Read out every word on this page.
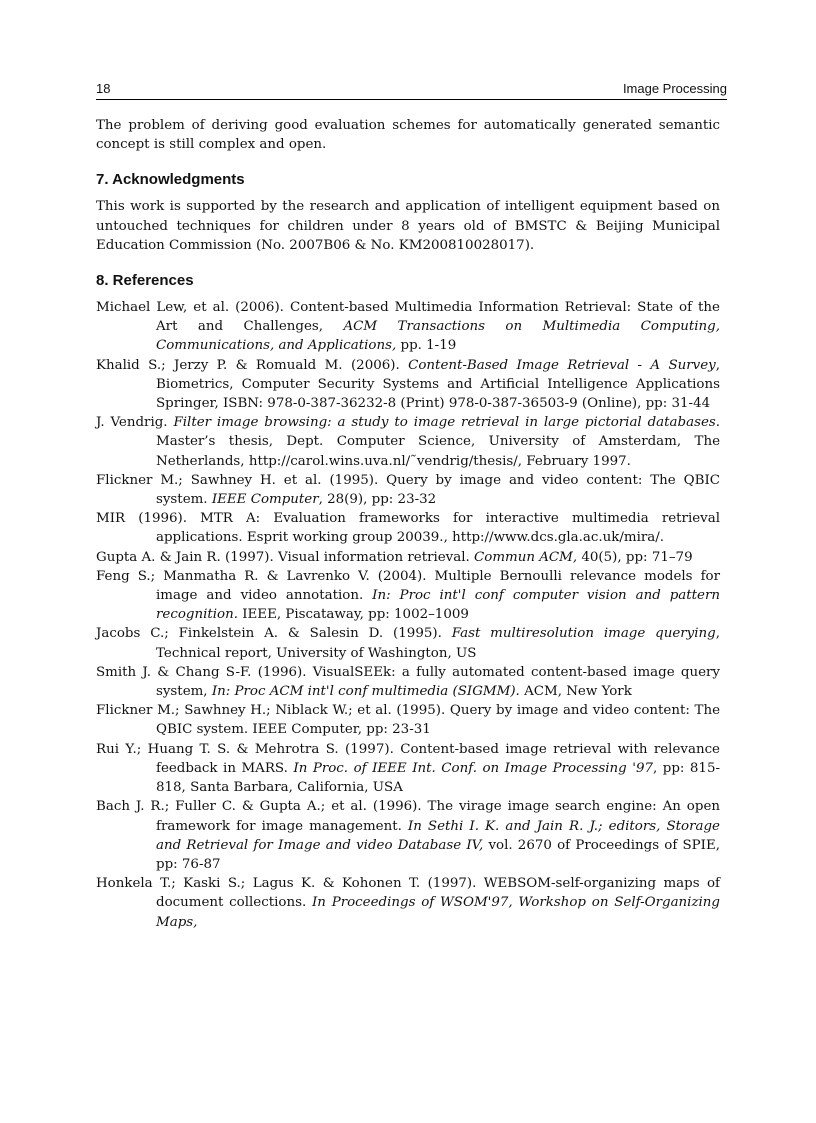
18	Image Processing

The problem of deriving good evaluation schemes for automatically generated semantic concept is still complex and open.

7. Acknowledgments

This work is supported by the research and application of intelligent equipment based on untouched techniques for children under 8 years old of BMSTC & Beijing Municipal Education Commission (No. 2007B06 & No. KM200810028017).

8. References
Michael Lew, et al. (2006). Content-based Multimedia Information Retrieval: State of the Art and Challenges, ACM Transactions on Multimedia Computing, Communications, and Applications, pp. 1-19
Khalid S.; Jerzy P. & Romuald M. (2006). Content-Based Image Retrieval - A Survey, Biometrics, Computer Security Systems and Artificial Intelligence Applications Springer, ISBN: 978-0-387-36232-8 (Print) 978-0-387-36503-9 (Online), pp: 31-44
J. Vendrig. Filter image browsing: a study to image retrieval in large pictorial databases. Master’s thesis, Dept. Computer Science, University of Amsterdam, The Netherlands, http://carol.wins.uva.nl/˜vendrig/thesis/, February 1997.
Flickner M.; Sawhney H. et al. (1995). Query by image and video content: The QBIC system. IEEE Computer, 28(9), pp: 23-32
MIR (1996). MTR A: Evaluation frameworks for interactive multimedia retrieval applications. Esprit working group 20039., http://www.dcs.gla.ac.uk/mira/.
Gupta A. & Jain R. (1997). Visual information retrieval. Commun ACM, 40(5), pp: 71–79
Feng S.; Manmatha R. & Lavrenko V. (2004). Multiple Bernoulli relevance models for image and video annotation. In: Proc int'l conf computer vision and pattern recognition. IEEE, Piscataway, pp: 1002–1009
Jacobs C.; Finkelstein A. & Salesin D. (1995). Fast multiresolution image querying, Technical report, University of Washington, US
Smith J. & Chang S-F. (1996). VisualSEEk: a fully automated content-based image query system, In: Proc ACM int'l conf multimedia (SIGMM). ACM, New York
Flickner M.; Sawhney H.; Niblack W.; et al. (1995). Query by image and video content: The QBIC system. IEEE Computer, pp: 23-31
Rui Y.; Huang T. S. & Mehrotra S. (1997). Content-based image retrieval with relevance feedback in MARS. In Proc. of IEEE Int. Conf. on Image Processing '97, pp: 815-818, Santa Barbara, California, USA
Bach J. R.; Fuller C. & Gupta A.; et al. (1996). The virage image search engine: An open framework for image management. In Sethi I. K. and Jain R. J.; editors, Storage and Retrieval for Image and video Database IV, vol. 2670 of Proceedings of SPIE, pp: 76-87
Honkela T.; Kaski S.; Lagus K. & Kohonen T. (1997). WEBSOM-self-organizing maps of document collections. In Proceedings of WSOM'97, Workshop on Self-Organizing Maps,
